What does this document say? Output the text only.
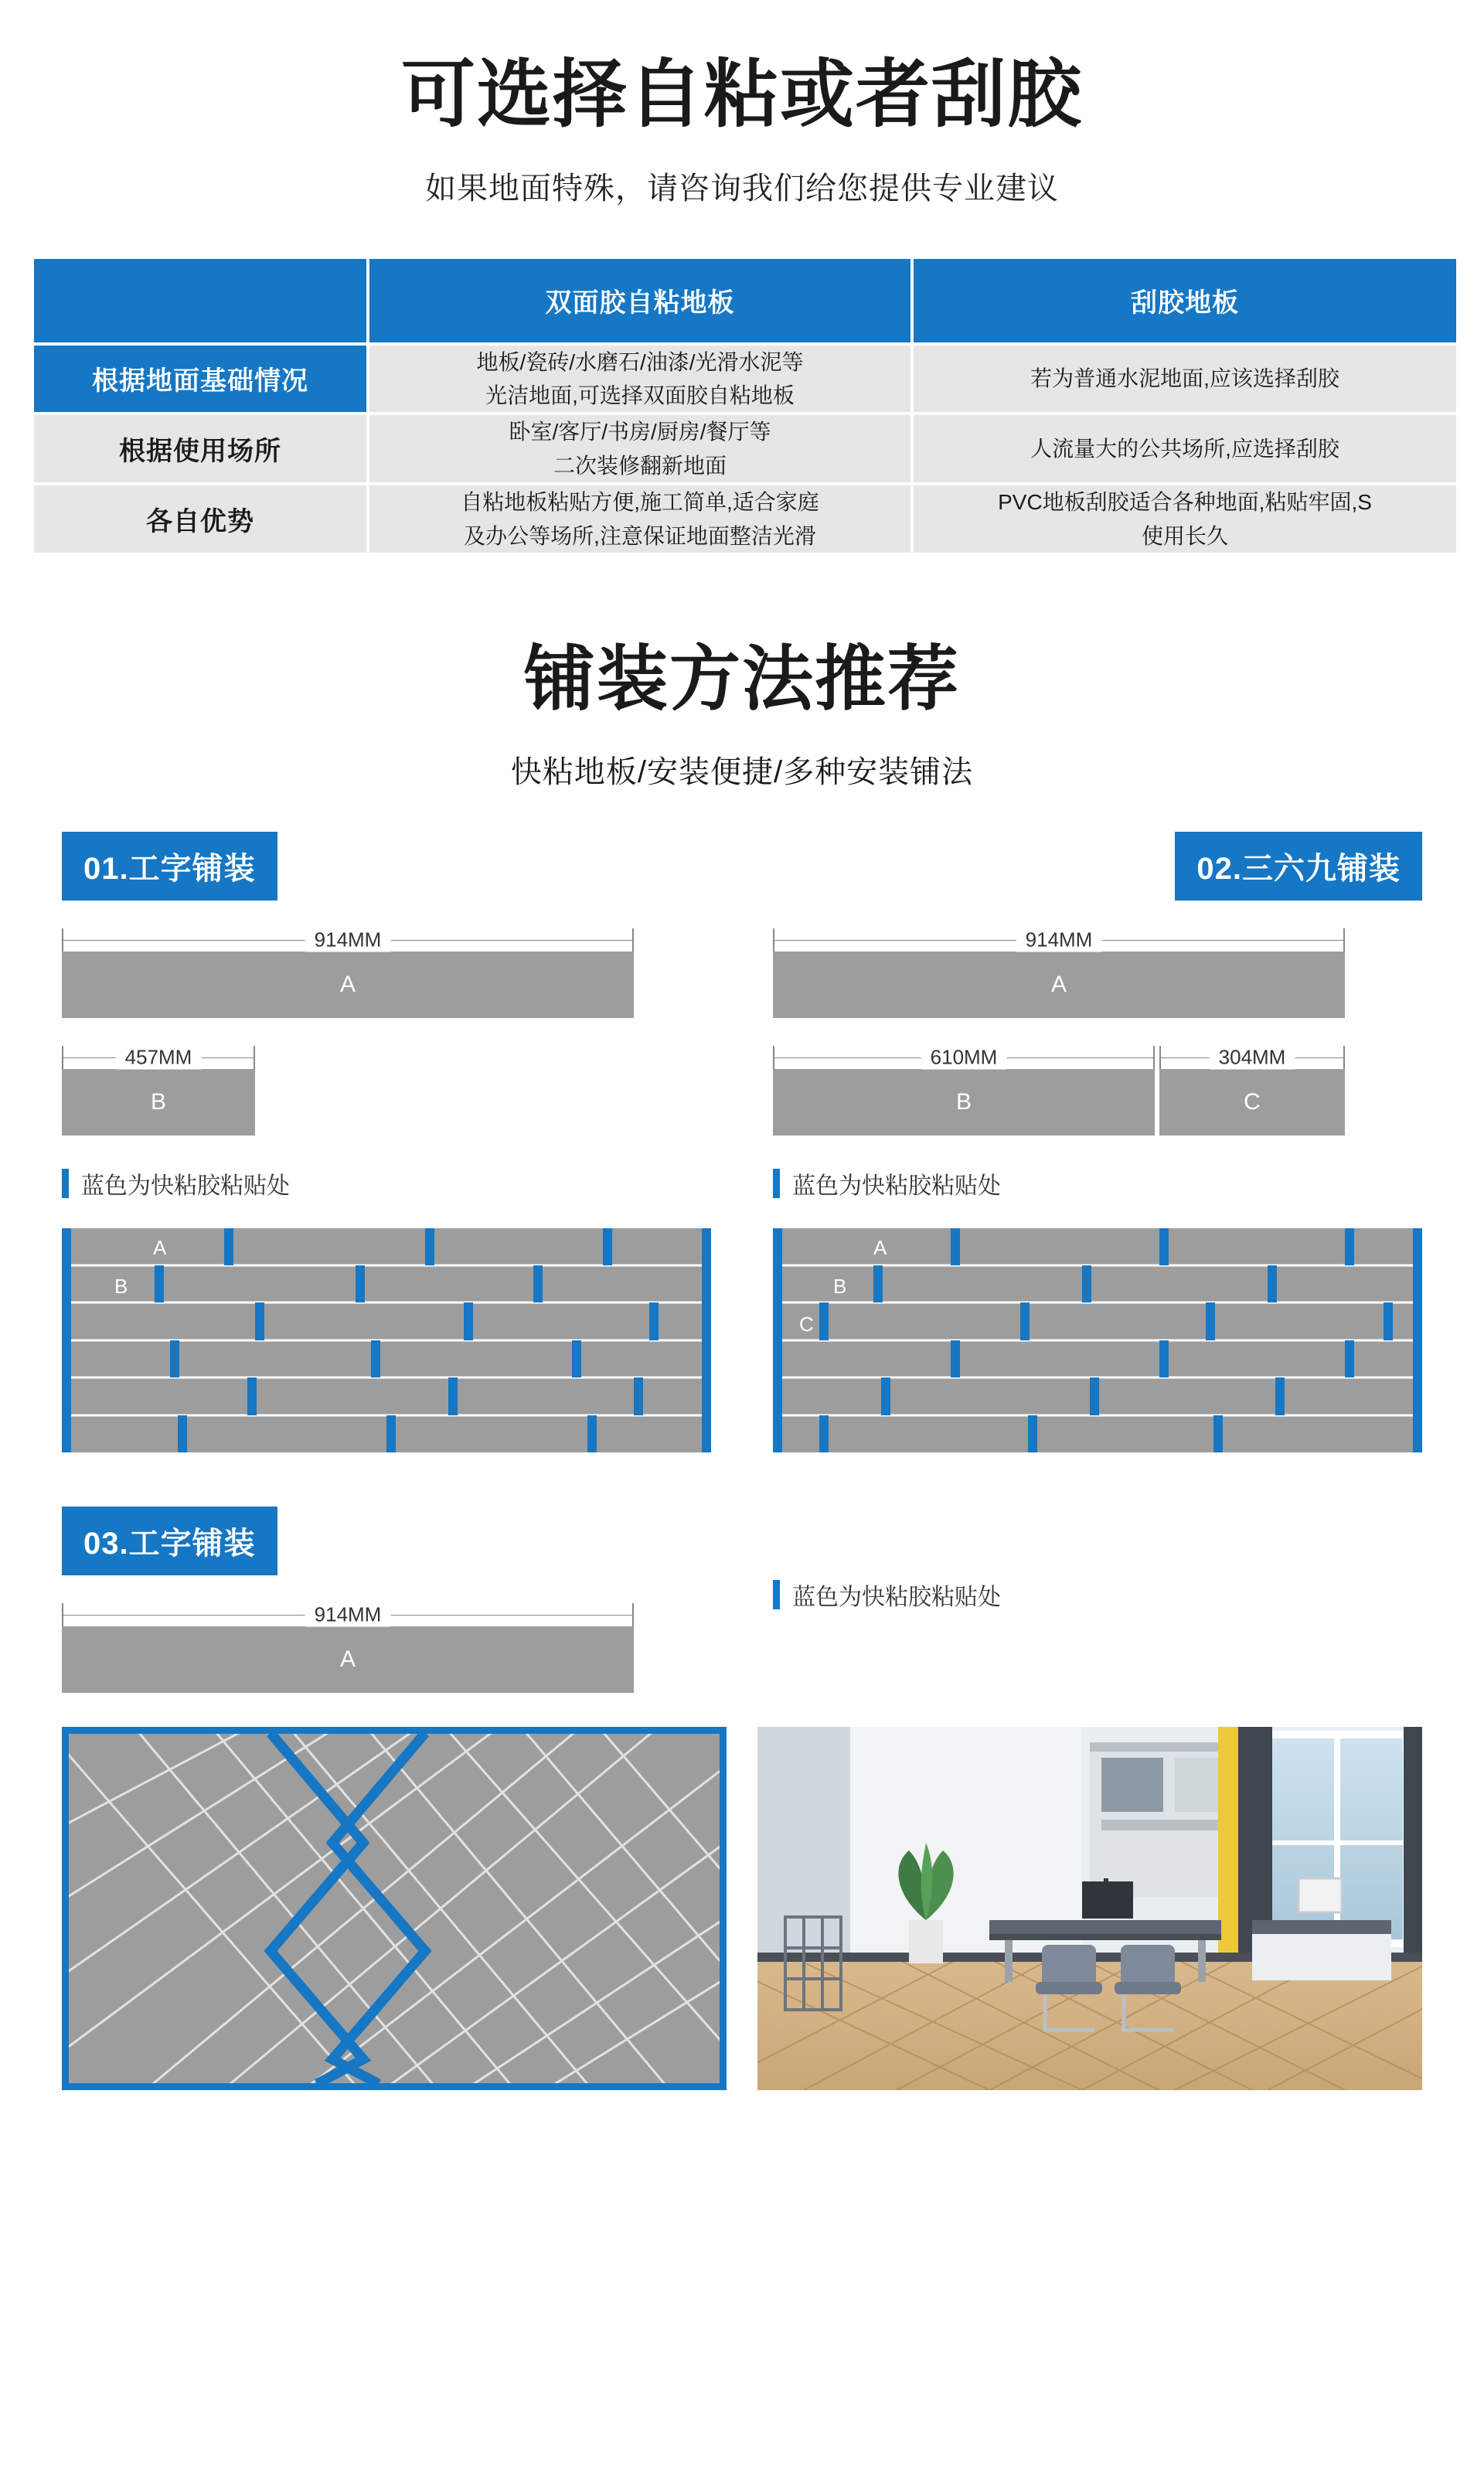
可选择自粘或者刮胶
如果地面特殊，请咨询我们给您提供专业建议
	双面胶自粘地板	刮胶地板
根据地面基础情况	地板/瓷砖/水磨石/油漆/光滑水泥等
光洁地面,可选择双面胶自粘地板	若为普通水泥地面,应该选择刮胶

根据使用场所	卧室/客厅/书房/厨房/餐厅等
二次装修翻新地面	人流量大的公共场所,应选择刮胶

各自优势	自粘地板粘贴方便,施工简单,适合家庭
及办公等场所,注意保证地面整洁光滑	PVC地板刮胶适合各种地面,粘贴牢固,S
使用长久
铺装方法推荐
快粘地板/安装便捷/多种安装铺法
01.工字铺装
914MM
A
457MM
B
蓝色为快粘胶粘贴处
A
B
02.三六九铺装
914MM
A
610MM
B
304MM
C
蓝色为快粘胶粘贴处
A
B
C
03.工字铺装
914MM
A
蓝色为快粘胶粘贴处
